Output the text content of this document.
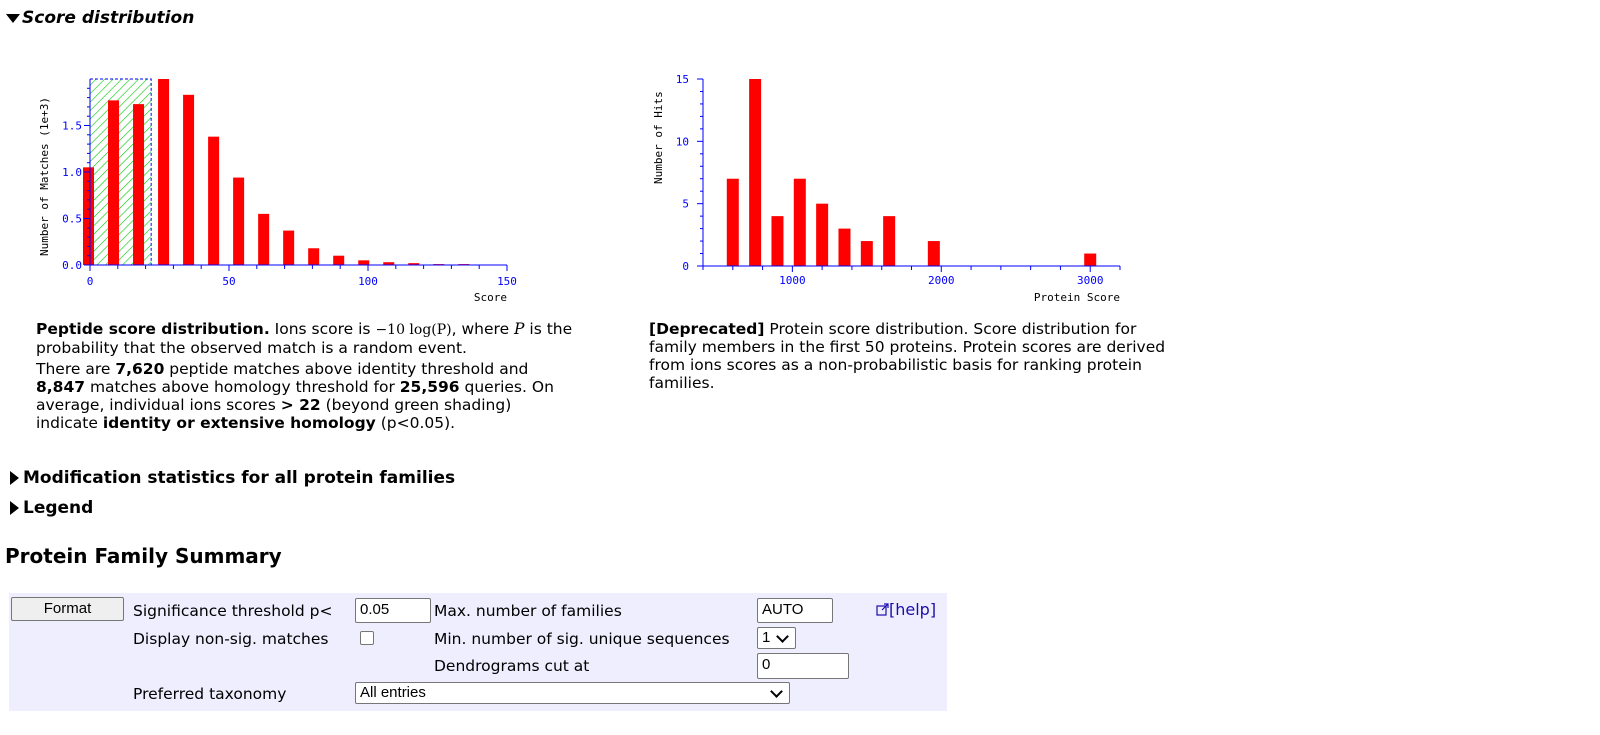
Score distribution
0	50	100	150
0.0
0.5
1.0
1.5
Number of Matches (1e+3)
Score
1000	2000	3000
0
5
10
15
Number of Hits
Protein Score
Peptide score distribution. Ions score is −10 log(P), where P is the
probability that the observed match is a random event.
There are 7,620 peptide matches above identity threshold and
8,847 matches above homology threshold for 25,596 queries. On
average, individual ions scores > 22 (beyond green shading)
indicate identity or extensive homology (p<0.05).
[Deprecated] Protein score distribution. Score distribution for
family members in the first 50 proteins. Protein scores are derived
from ions scores as a non-probabilistic basis for ranking protein
families.
Modification statistics for all protein families
Legend
Protein Family Summary
Format	Significance threshold p<	0.05	Max. number of families	AUTO	[help]
Display non-sig. matches	Min. number of sig. unique sequences 1
Dendrograms cut at	0
Preferred taxonomy	All entries
